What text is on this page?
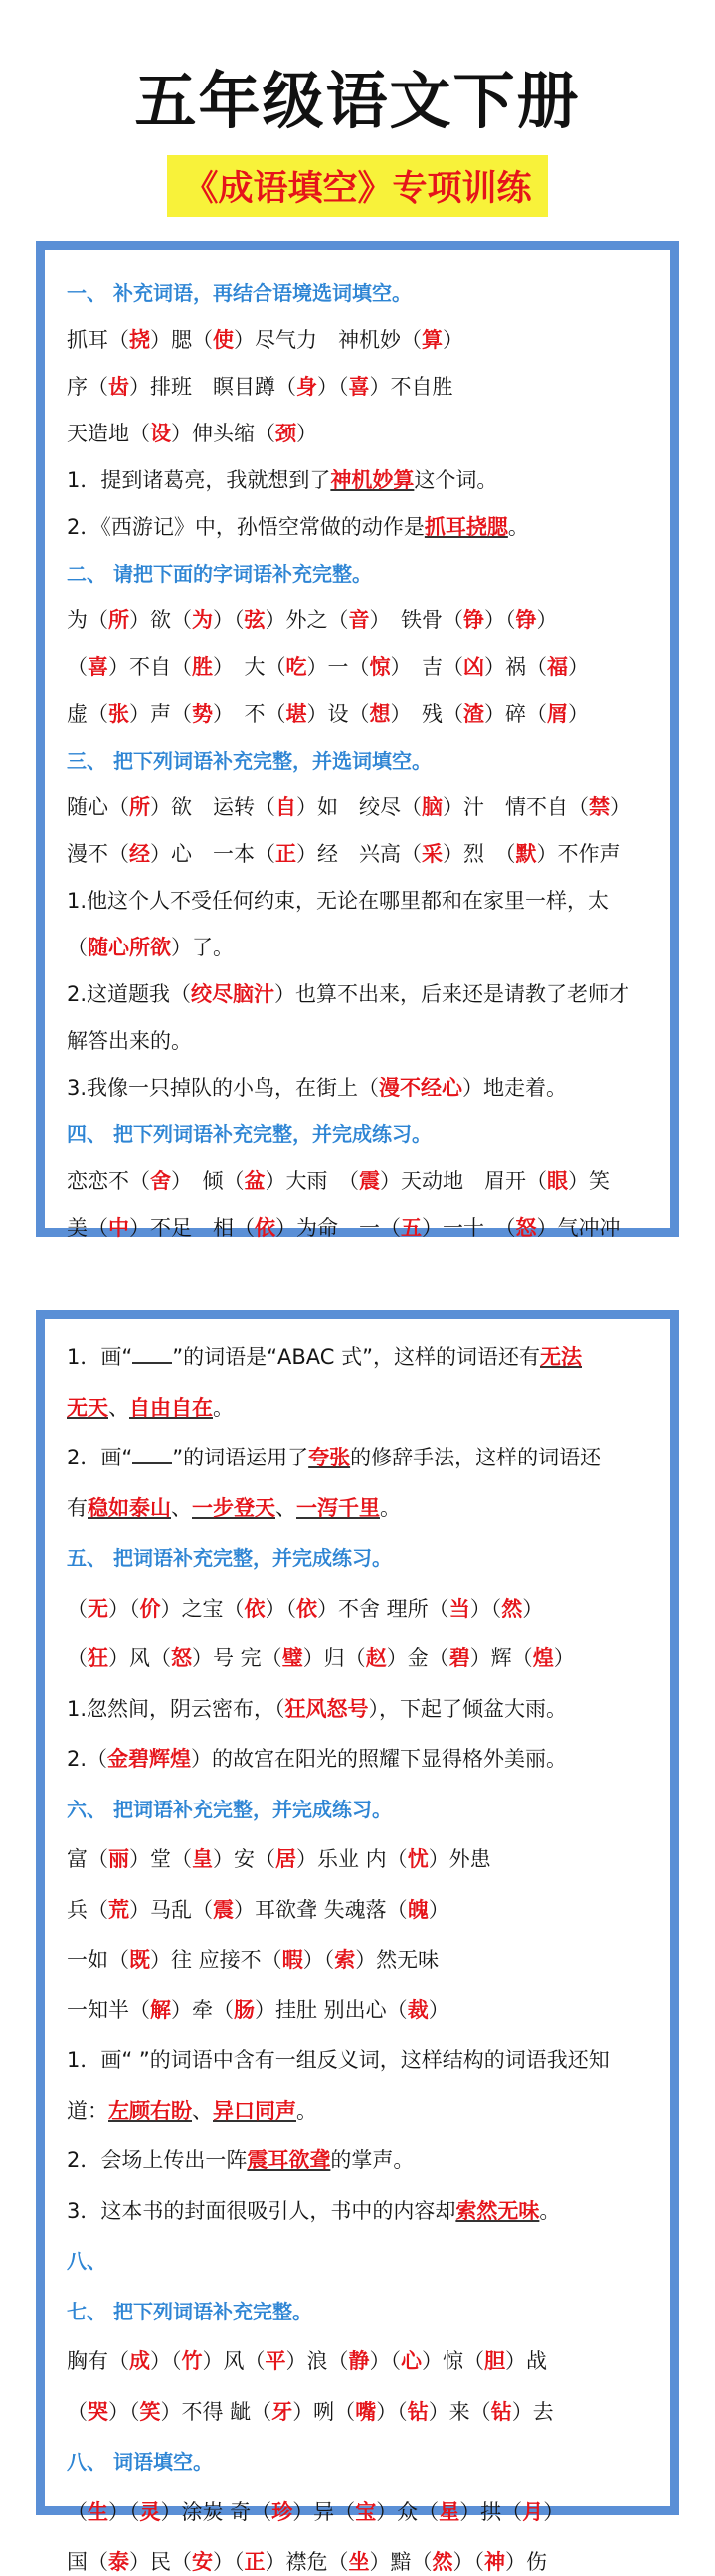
五年级语文下册
《成语填空》专项训练
一、 补充词语，再结合语境选词填空。
抓耳（挠）腮（使）尽气力　神机妙（算）
序（齿）排班　瞑目蹲（身）（喜）不自胜
天造地（设）伸头缩（颈）
1．提到诸葛亮，我就想到了神机妙算这个词。
2．《西游记》中，孙悟空常做的动作是抓耳挠腮。
二、 请把下面的字词语补充完整。
为（所）欲（为）（弦）外之（音）　铁骨（铮）（铮）
（喜）不自（胜）　大（吃）一（惊）　吉（凶）祸（福）
虚（张）声（势）　不（堪）设（想）　残（渣）碎（屑）
三、 把下列词语补充完整，并选词填空。
随心（所）欲　运转（自）如　绞尽（脑）汁　情不自（禁）
漫不（经）心　一本（正）经　兴高（采）烈　（默）不作声
1.他这个人不受任何约束，无论在哪里都和在家里一样，太
（随心所欲）了。
2.这道题我（绞尽脑汁）也算不出来，后来还是请教了老师才
解答出来的。
3.我像一只掉队的小鸟，在街上（漫不经心）地走着。
四、 把下列词语补充完整，并完成练习。
恋恋不（舍）　倾（盆）大雨　（震）天动地　眉开（眼）笑
美（中）不足　相（依）为命　一（五）一十　（怒）气冲冲
1．画“ ”的词语是“ABAC 式”，这样的词语还有无法
无天、自由自在。
2．画“ ”的词语运用了夸张的修辞手法，这样的词语还
有稳如泰山、一步登天、一泻千里。
五、 把词语补充完整，并完成练习。
（无）（价）之宝（依）（依）不舍 理所（当）（然）
（狂）风（怒）号 完（璧）归（赵）金（碧）辉（煌）
1.忽然间，阴云密布，（狂风怒号），下起了倾盆大雨。
2.（金碧辉煌）的故宫在阳光的照耀下显得格外美丽。
六、 把词语补充完整，并完成练习。
富（丽）堂（皇）安（居）乐业 内（忧）外患
兵（荒）马乱（震）耳欲聋 失魂落（魄）
一如（既）往 应接不（暇）（索）然无味
一知半（解）牵（肠）挂肚 别出心（裁）
1．画“ ”的词语中含有一组反义词，这样结构的词语我还知
道：左顾右盼、异口同声。
2．会场上传出一阵震耳欲聋的掌声。
3．这本书的封面很吸引人，书中的内容却索然无味。
八、
七、 把下列词语补充完整。
胸有（成）（竹）风（平）浪（静）（心）惊（胆）战
（哭）（笑）不得 龇（牙）咧（嘴）（钻）来（钻）去
八、 词语填空。
（生）（灵）涂炭 奇（珍）异（宝）众（星）拱（月）
国（泰）民（安）（正）襟危（坐）黯（然）（神）伤
